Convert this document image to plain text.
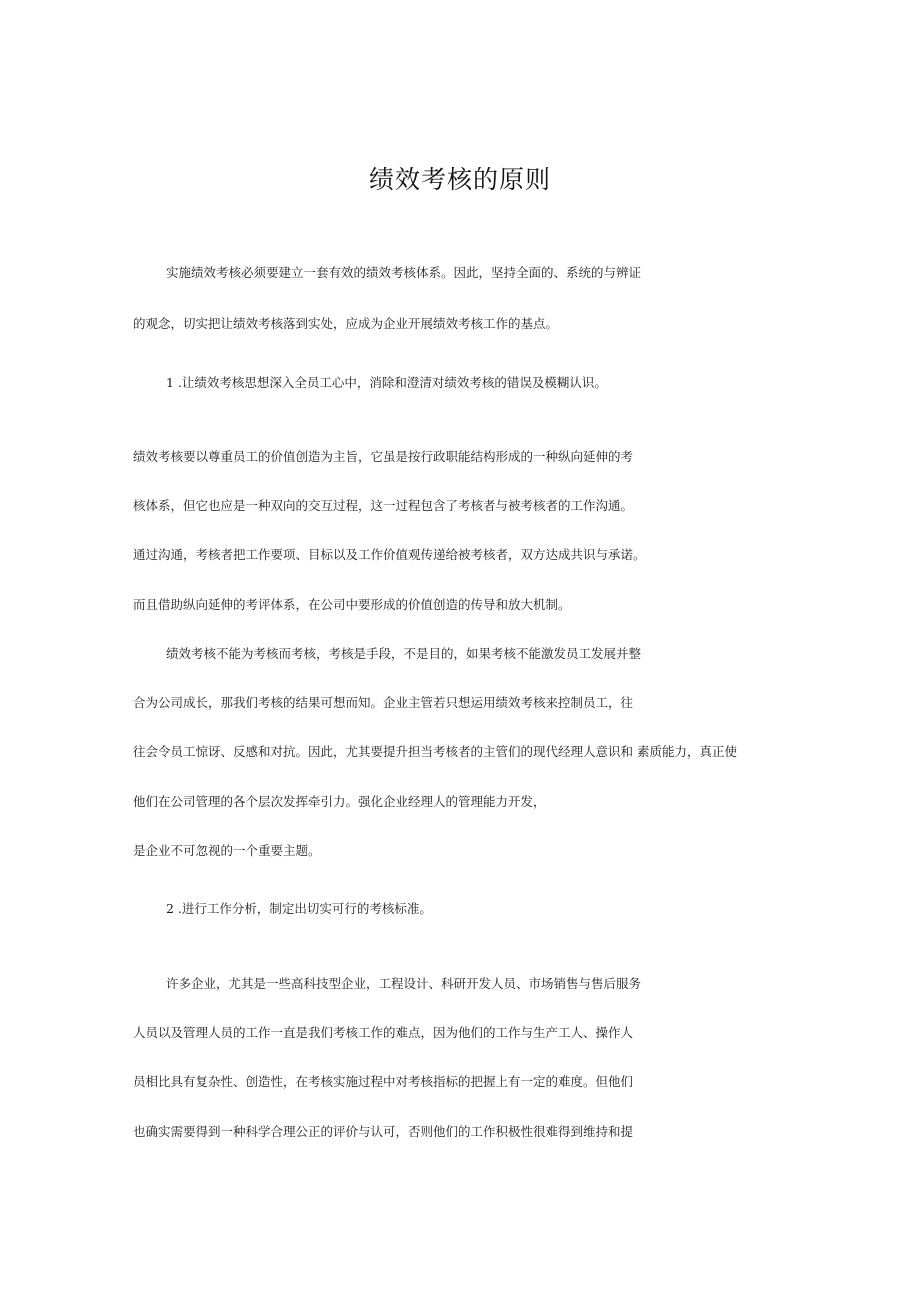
绩效考核的原则
实施绩效考核必须要建立一套有效的绩效考核体系。因此，坚持全面的、系统的与辨证
的观念，切实把让绩效考核落到实处，应成为企业开展绩效考核工作的基点。
1 .让绩效考核思想深入全员工心中，消除和澄清对绩效考核的错误及模糊认识。
绩效考核要以尊重员工的价值创造为主旨，它虽是按行政职能结构形成的一种纵向延伸的考
核体系，但它也应是一种双向的交互过程，这一过程包含了考核者与被考核者的工作沟通。
通过沟通，考核者把工作要项、目标以及工作价值观传递给被考核者，双方达成共识与承诺。
而且借助纵向延伸的考评体系，在公司中要形成的价值创造的传导和放大机制。
绩效考核不能为考核而考核，考核是手段，不是目的，如果考核不能激发员工发展并整
合为公司成长，那我们考核的结果可想而知。企业主管若只想运用绩效考核来控制员工，往
往会令员工惊讶、反感和对抗。因此，尤其要提升担当考核者的主管们的现代经理人意识和 素质能力，真正使
他们在公司管理的各个层次发挥牵引力。强化企业经理人的管理能力开发，
是企业不可忽视的一个重要主题。
2 .进行工作分析，制定出切实可行的考核标准。
许多企业，尤其是一些高科技型企业，工程设计、科研开发人员、市场销售与售后服务
人员以及管理人员的工作一直是我们考核工作的难点，因为他们的工作与生产工人、操作人
员相比具有复杂性、创造性，在考核实施过程中对考核指标的把握上有一定的难度。但他们
也确实需要得到一种科学合理公正的评价与认可，否则他们的工作积极性很难得到维持和提
